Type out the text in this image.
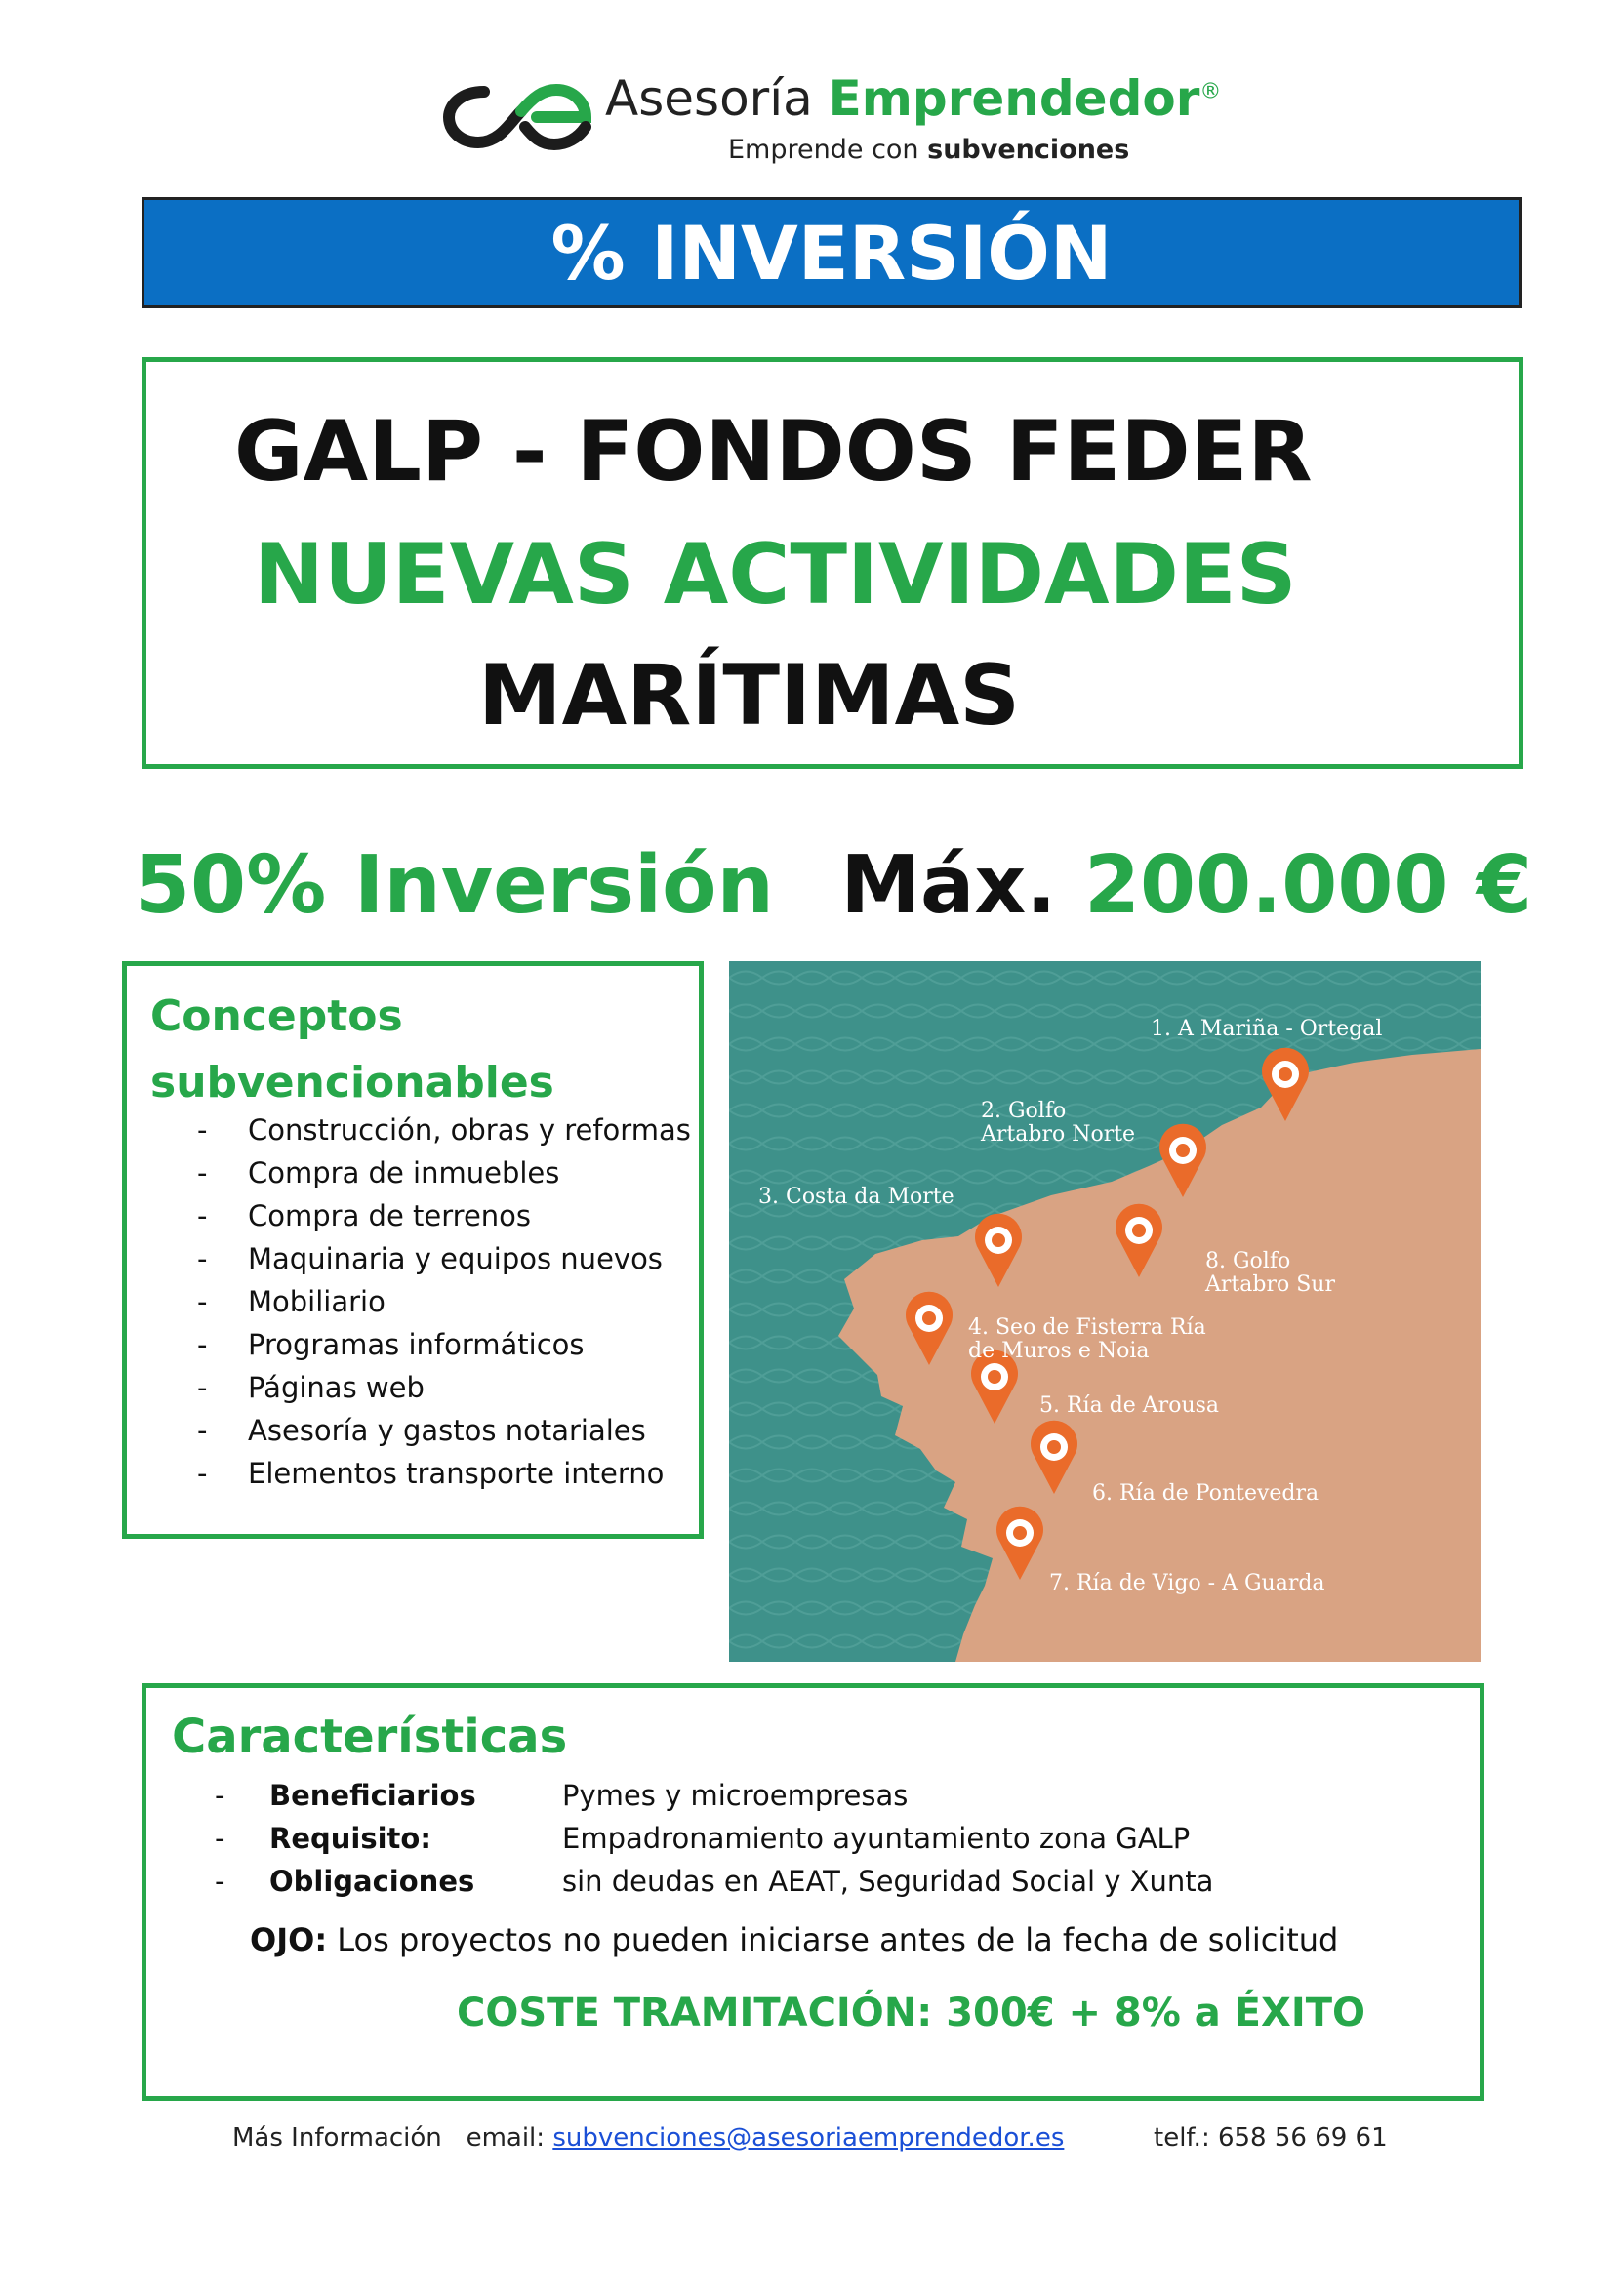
Asesoría Emprendedor®
Emprende con subvenciones
% INVERSIÓN
GALP - FONDOS FEDER
NUEVAS ACTIVIDADES
MARÍTIMAS
50% Inversión Máx. 200.000 €
Conceptos subvencionables
- Construcción, obras y reformas
- Compra de inmuebles
- Compra de terrenos
- Maquinaria y equipos nuevos
- Mobiliario
- Programas informáticos
- Páginas web
- Asesoría y gastos notariales
- Elementos transporte interno
1. A Mariña - Ortegal
2. Golfo Artabro Norte
3. Costa da Morte
8. Golfo Artabro Sur
4. Seo de Fisterra Ría de Muros e Noia
5. Ría de Arousa
6. Ría de Pontevedra
7. Ría de Vigo - A Guarda
Características
- Beneficiarios	Pymes y microempresas
- Requisito:	Empadronamiento ayuntamiento zona GALP
- Obligaciones	sin deudas en AEAT, Seguridad Social y Xunta
OJO: Los proyectos no pueden iniciarse antes de la fecha de solicitud
COSTE TRAMITACIÓN: 300€ + 8% a ÉXITO
Más Información email: subvenciones@asesoriaemprendedor.es	telf.: 658 56 69 61
